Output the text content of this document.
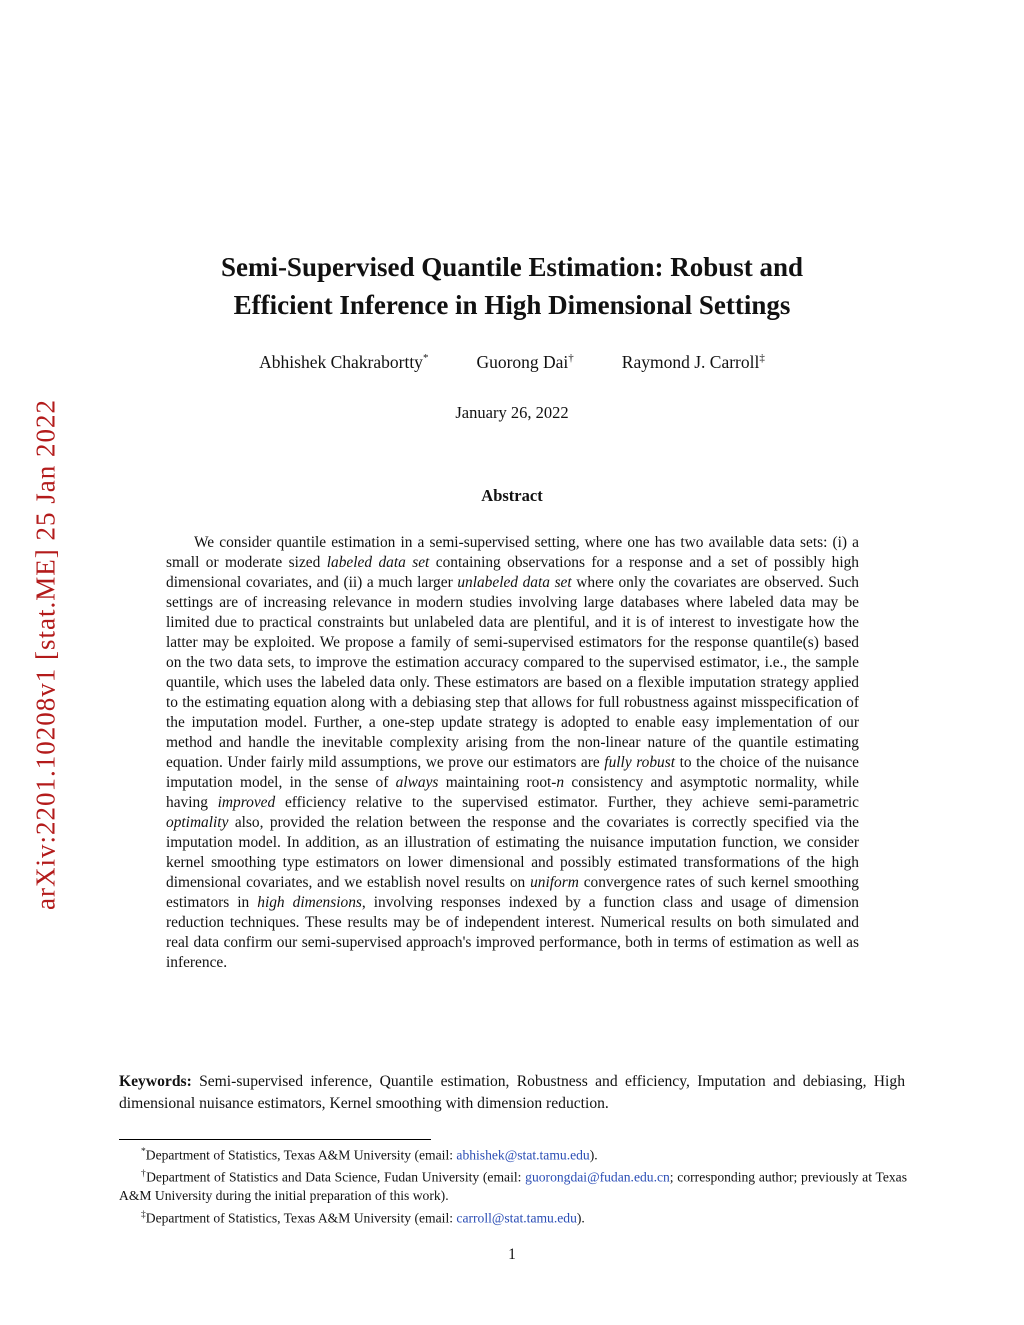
arXiv:2201.10208v1 [stat.ME] 25 Jan 2022
Semi-Supervised Quantile Estimation: Robust and
Efficient Inference in High Dimensional Settings
Abhishek Chakrabortty*	Guorong Dai†	Raymond J. Carroll‡
January 26, 2022
Abstract

We consider quantile estimation in a semi-supervised setting, where one has two available data sets: (i) a small or moderate sized labeled data set containing observations for a response and a set of possibly high dimensional covariates, and (ii) a much larger unlabeled data set where only the covariates are observed. Such settings are of increasing relevance in modern studies involving large databases where labeled data may be limited due to practical constraints but unlabeled data are plentiful, and it is of interest to investigate how the latter may be exploited. We propose a family of semi-supervised estimators for the response quantile(s) based on the two data sets, to improve the estimation accuracy compared to the supervised estimator, i.e., the sample quantile, which uses the labeled data only. These estimators are based on a flexible imputation strategy applied to the estimating equation along with a debiasing step that allows for full robustness against misspecification of the imputation model. Further, a one-step update strategy is adopted to enable easy implementation of our method and handle the inevitable complexity arising from the non-linear nature of the quantile estimating equation. Under fairly mild assumptions, we prove our estimators are fully robust to the choice of the nuisance imputation model, in the sense of always maintaining root-n consistency and asymptotic normality, while having improved efficiency relative to the supervised estimator. Further, they achieve semi-parametric optimality also, provided the relation between the response and the covariates is correctly specified via the imputation model. In addition, as an illustration of estimating the nuisance imputation function, we consider kernel smoothing type estimators on lower dimensional and possibly estimated transformations of the high dimensional covariates, and we establish novel results on uniform convergence rates of such kernel smoothing estimators in high dimensions, involving responses indexed by a function class and usage of dimension reduction techniques. These results may be of independent interest. Numerical results on both simulated and real data confirm our semi-supervised approach's improved performance, both in terms of estimation as well as inference.

Keywords: Semi-supervised inference, Quantile estimation, Robustness and efficiency, Imputation and debiasing, High dimensional nuisance estimators, Kernel smoothing with dimension reduction.

*Department of Statistics, Texas A&M University (email: abhishek@stat.tamu.edu).

†Department of Statistics and Data Science, Fudan University (email: guorongdai@fudan.edu.cn; corresponding author; previously at Texas A&M University during the initial preparation of this work).

‡Department of Statistics, Texas A&M University (email: carroll@stat.tamu.edu).

1
